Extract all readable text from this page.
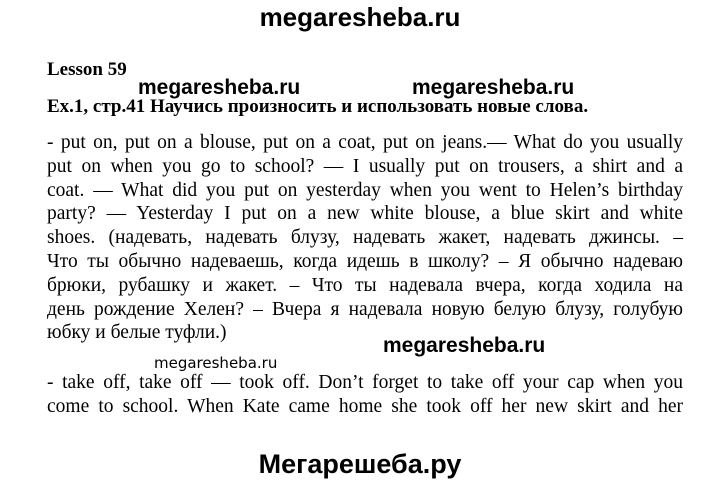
megaresheba.ru
Lesson 59
Ex.1, стр.41 Научись произносить и использовать новые слова.
- put on, put on a blouse, put on a coat, put on jeans.— What do you usually
put on when you go to school? — I usually put on trousers, a shirt and a
coat. — What did you put on yesterday when you went to Helen’s birthday
party? — Yesterday I put on a new white blouse, a blue skirt and white
shoes. (надевать, надевать блузу, надевать жакет, надевать джинсы. –
Что ты обычно надеваешь, когда идешь в школу? – Я обычно надеваю
брюки, рубашку и жакет. – Что ты надевала вчера, когда ходила на
день рождение Хелен? – Вчера я надевала новую белую блузу, голубую
юбку и белые туфли.)
- take off, take off — took off. Don’t forget to take off your cap when you
come to school. When Kate came home she took off her new skirt and her
megaresheba.ru	megaresheba.ru
megaresheba.ru
megaresheba.ru
Мегарешеба.ру
